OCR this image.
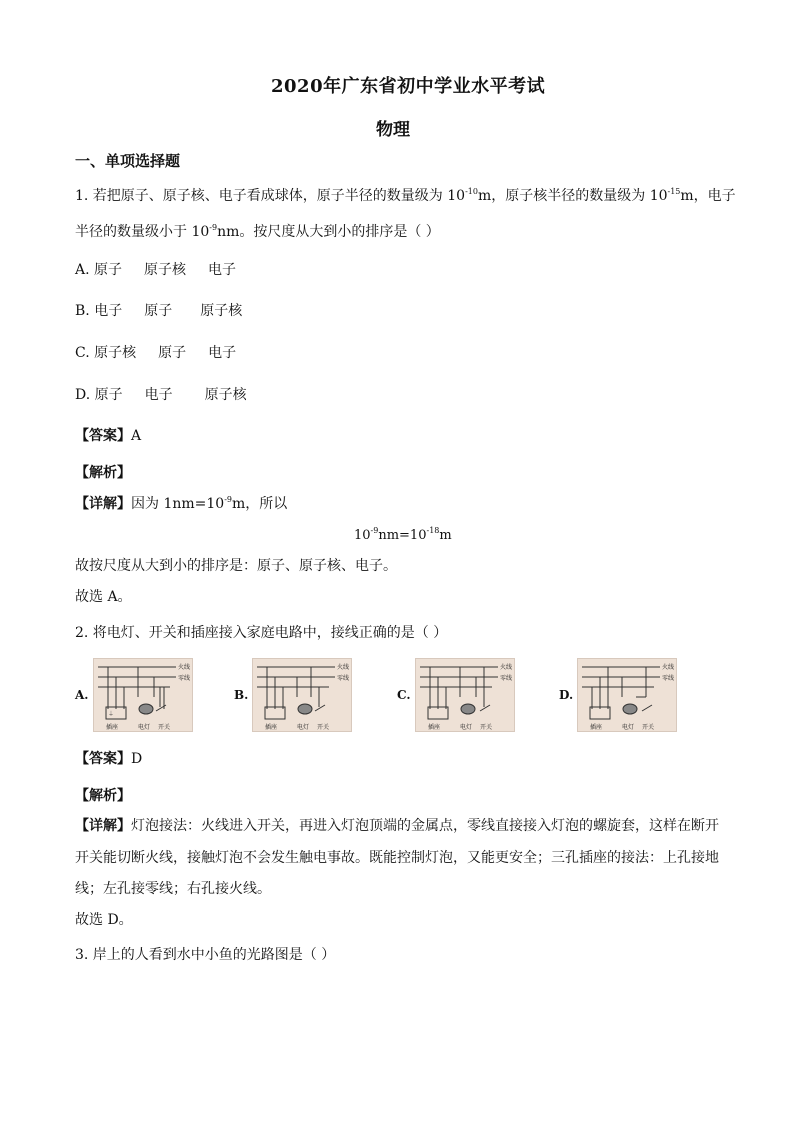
2020年广东省初中学业水平考试
物理
一、单项选择题
1. 若把原子、原子核、电子看成球体，原子半径的数量级为 $10^{-10}m$，原子核半径的数量级为 $10^{-15}m$，电子
半径的数量级小于 $10^{-9}nm$。按尺度从大到小的排序是（ ）
A. 原子 原子核 电子
B. 电子 原子 原子核
C. 原子核 原子 电子
D. 原子 电子 原子核
【答案】A
【解析】
【详解】因为 $1nm=10^{-9}m$，所以
$10^{-9}nm=10^{-18}m$
故按尺度从大到小的排序是：原子、原子核、电子。
故选 A。
2. 将电灯、开关和插座接入家庭电路中，接线正确的是（ ）
A.
火线
零线
⏚
插座	电灯 开关
B.
火线
零线
插座	电灯 开关
C.
火线
零线
插座	电灯 开关
D.
火线
零线
插座	电灯 开关
【答案】D
【解析】
【详解】灯泡接法：火线进入开关，再进入灯泡顶端的金属点，零线直接接入灯泡的螺旋套，这样在断开
开关能切断火线，接触灯泡不会发生触电事故。既能控制灯泡，又能更安全；三孔插座的接法：上孔接地
线；左孔接零线；右孔接火线。
故选 D。
3. 岸上的人看到水中小鱼的光路图是（ ）
